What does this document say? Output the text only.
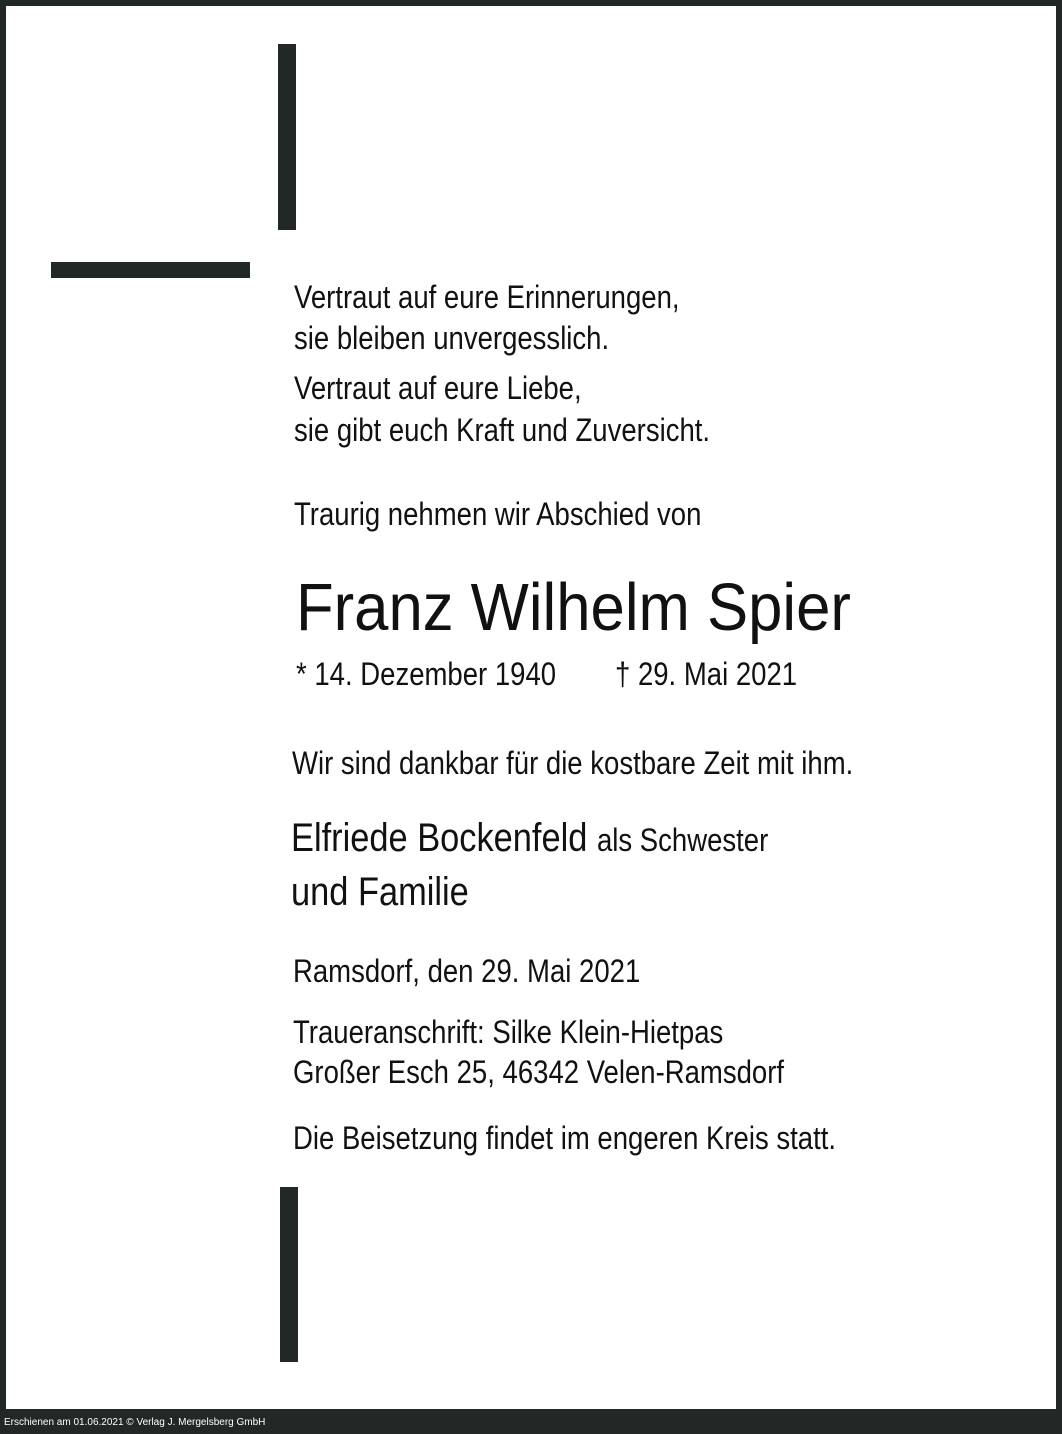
Vertraut auf eure Erinnerungen,
sie bleiben unvergesslich.
Vertraut auf eure Liebe,
sie gibt euch Kraft und Zuversicht.
Traurig nehmen wir Abschied von
Franz Wilhelm Spier
* 14. Dezember 1940 † 29. Mai 2021
Wir sind dankbar für die kostbare Zeit mit ihm.
Elfriede Bockenfeld als Schwester
und Familie
Ramsdorf, den 29. Mai 2021
Traueranschrift: Silke Klein-Hietpas
Großer Esch 25, 46342 Velen-Ramsdorf
Die Beisetzung findet im engeren Kreis statt.
Erschienen am 01.06.2021 © Verlag J. Mergelsberg GmbH
